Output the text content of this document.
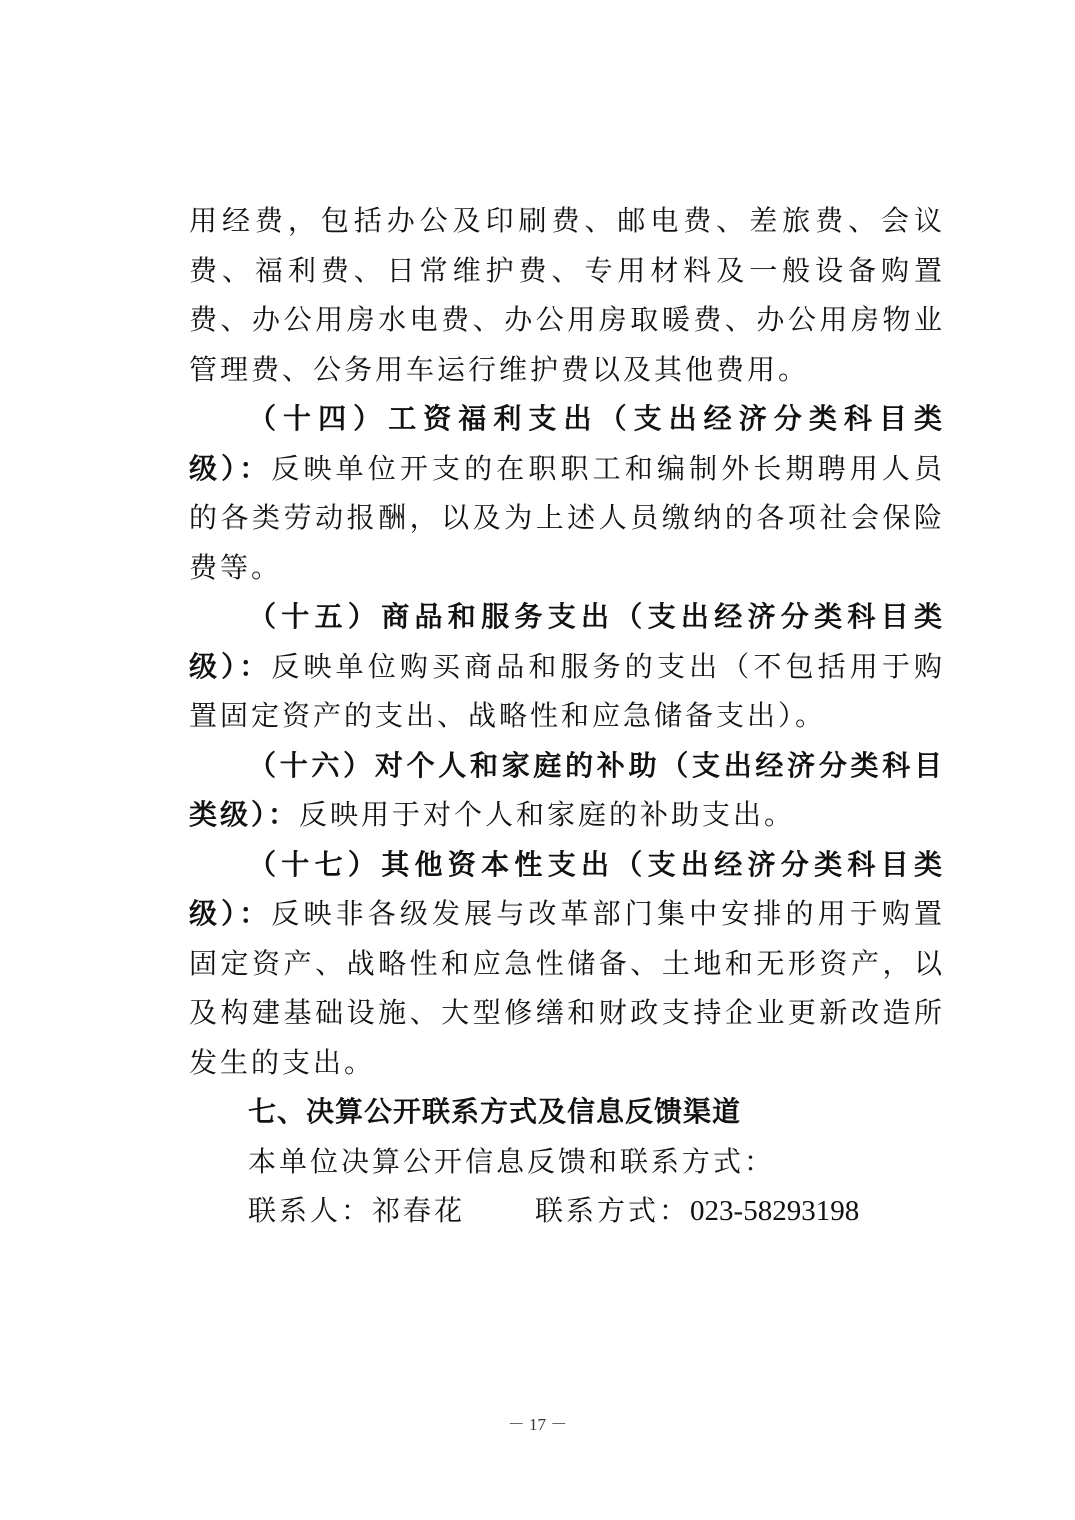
用经费，包括办公及印刷费、邮电费、差旅费、会议费、福利费、日常维护费、专用材料及一般设备购置费、办公用房水电费、办公用房取暖费、办公用房物业管理费、公务用车运行维护费以及其他费用。

（十四）工资福利支出（支出经济分类科目类级）：反映单位开支的在职职工和编制外长期聘用人员的各类劳动报酬，以及为上述人员缴纳的各项社会保险费等。

（十五）商品和服务支出（支出经济分类科目类级）：反映单位购买商品和服务的支出（不包括用于购置固定资产的支出、战略性和应急储备支出）。

（十六）对个人和家庭的补助（支出经济分类科目类级）：反映用于对个人和家庭的补助支出。

（十七）其他资本性支出（支出经济分类科目类级）：反映非各级发展与改革部门集中安排的用于购置固定资产、战略性和应急性储备、土地和无形资产，以及构建基础设施、大型修缮和财政支持企业更新改造所发生的支出。

七、决算公开联系方式及信息反馈渠道

本单位决算公开信息反馈和联系方式：

联系人：祁春花	联系方式：023-58293198

－ 17 －
